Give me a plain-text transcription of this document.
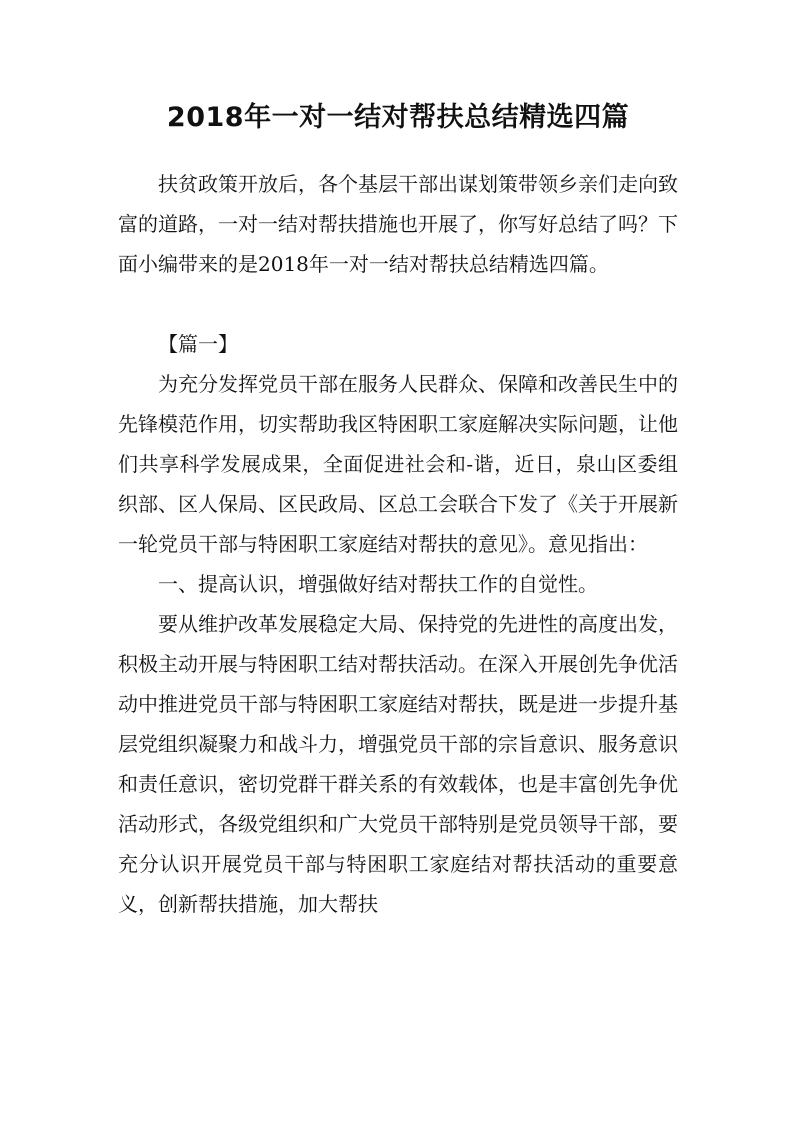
2018年一对一结对帮扶总结精选四篇

扶贫政策开放后，各个基层干部出谋划策带领乡亲们走向致富的道路，一对一结对帮扶措施也开展了，你写好总结了吗？下面小编带来的是2018年一对一结对帮扶总结精选四篇。

【篇一】

为充分发挥党员干部在服务人民群众、保障和改善民生中的先锋模范作用，切实帮助我区特困职工家庭解决实际问题，让他们共享科学发展成果，全面促进社会和-谐，近日，泉山区委组织部、区人保局、区民政局、区总工会联合下发了《关于开展新一轮党员干部与特困职工家庭结对帮扶的意见》。意见指出：

一、提高认识，增强做好结对帮扶工作的自觉性。

要从维护改革发展稳定大局、保持党的先进性的高度出发，积极主动开展与特困职工结对帮扶活动。在深入开展创先争优活动中推进党员干部与特困职工家庭结对帮扶，既是进一步提升基层党组织凝聚力和战斗力，增强党员干部的宗旨意识、服务意识和责任意识，密切党群干群关系的有效载体，也是丰富创先争优活动形式，各级党组织和广大党员干部特别是党员领导干部，要充分认识开展党员干部与特困职工家庭结对帮扶活动的重要意义，创新帮扶措施，加大帮扶
